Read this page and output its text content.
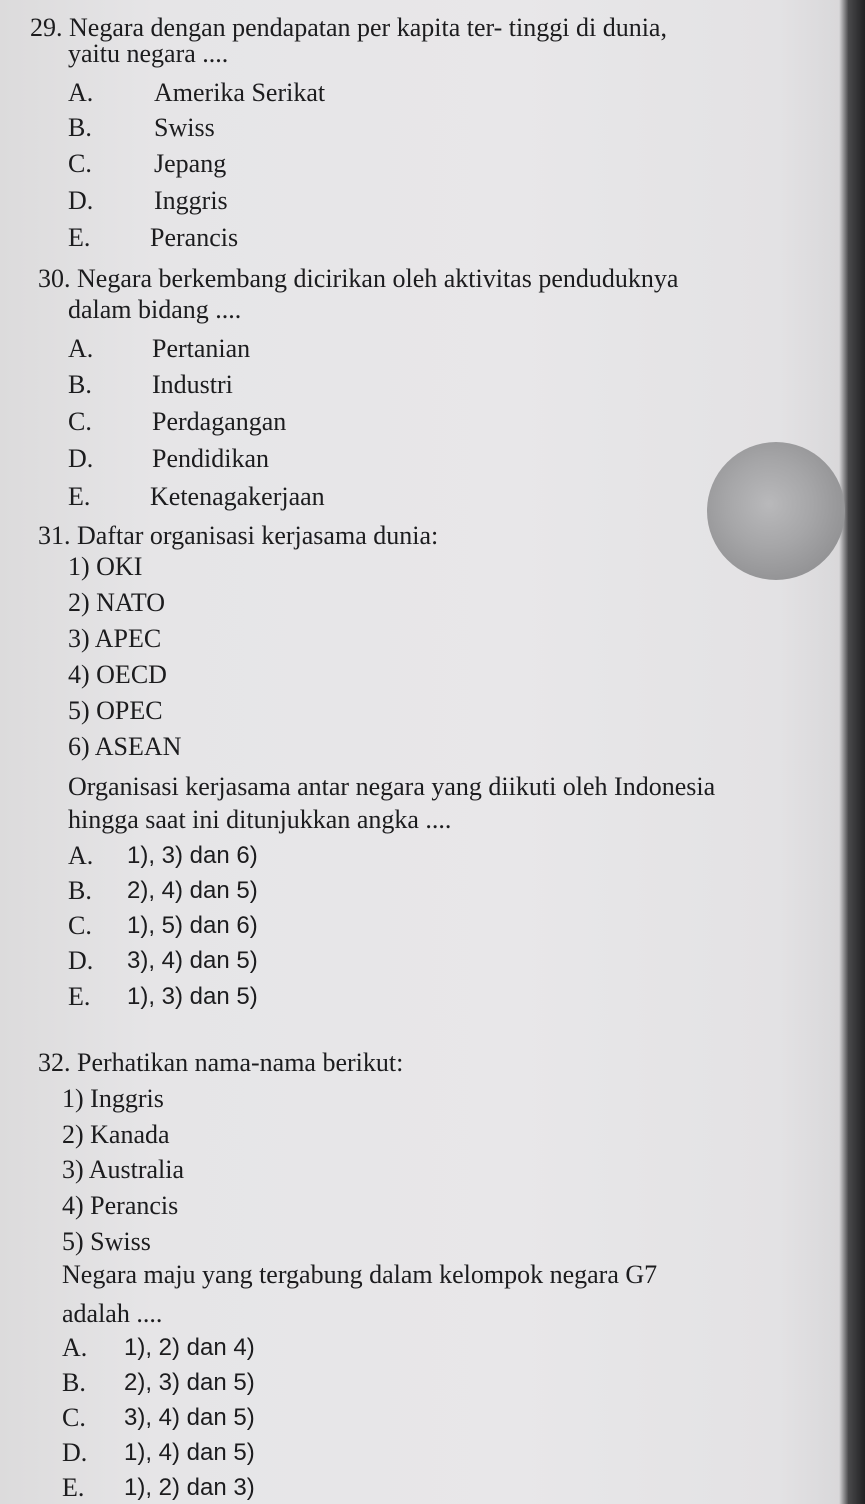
29. Negara dengan pendapatan per kapita ter- tinggi di dunia,
yaitu negara ....
A. Amerika Serikat
B. Swiss
C. Jepang
D. Inggris
E. Perancis
30. Negara berkembang dicirikan oleh aktivitas penduduknya
dalam bidang ....
A. Pertanian
B. Industri
C. Perdagangan
D. Pendidikan
E. Ketenagakerjaan
31. Daftar organisasi kerjasama dunia:
1) OKI
2) NATO
3) APEC
4) OECD
5) OPEC
6) ASEAN
Organisasi kerjasama antar negara yang diikuti oleh Indonesia
hingga saat ini ditunjukkan angka ....
A. 1), 3) dan 6)
B. 2), 4) dan 5)
C. 1), 5) dan 6)
D. 3), 4) dan 5)
E. 1), 3) dan 5)
32. Perhatikan nama-nama berikut:
1) Inggris
2) Kanada
3) Australia
4) Perancis
5) Swiss
Negara maju yang tergabung dalam kelompok negara G7
adalah ....
A. 1), 2) dan 4)
B. 2), 3) dan 5)
C. 3), 4) dan 5)
D. 1), 4) dan 5)
E. 1), 2) dan 3)
